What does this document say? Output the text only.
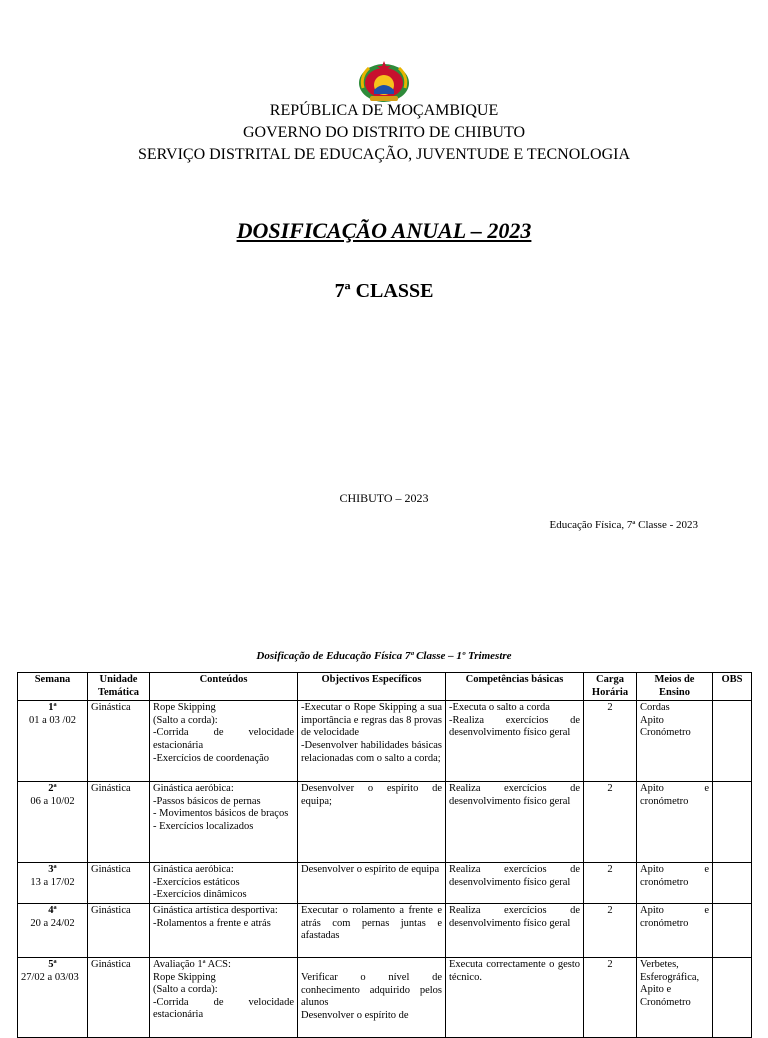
REPÚBLICA DE MOÇAMBIQUE
GOVERNO DO DISTRITO DE CHIBUTO
SERVIÇO DISTRITAL DE EDUCAÇÃO, JUVENTUDE E TECNOLOGIA
DOSIFICAÇÃO ANUAL – 2023
7ª CLASSE
CHIBUTO – 2023
Educação Física, 7ª Classe - 2023
Dosificação de Educação Física 7ª Classe – 1º Trimestre
Semana	Unidade Temática	Conteúdos	Objectivos Específicos	Competências básicas	Carga Horária	Meios de Ensino	OBS

1ª
01 a 03 /02	Ginástica	Rope Skipping
(Salto a corda):
-Corrida de velocidade estacionária
-Exercícios de coordenação	-Executar o Rope Skipping a sua importância e regras das 8 provas de velocidade
-Desenvolver habilidades básicas relacionadas com o salto a corda;	-Executa o salto a corda
-Realiza exercícios de desenvolvimento físico geral	2	Cordas
Apito
Cronómetro	

2ª
06 a 10/02	Ginástica	Ginástica aeróbica:
-Passos básicos de pernas
- Movimentos básicos de braços
- Exercícios localizados	Desenvolver o espírito de equipa;	Realiza exercícios de desenvolvimento físico geral	2	Apito e cronómetro	

3ª
13 a 17/02	Ginástica	Ginástica aeróbica:
-Exercícios estáticos
-Exercícios dinâmicos	Desenvolver o espírito de equipa	Realiza exercícios de desenvolvimento físico geral	2	Apito e cronómetro	

4ª
20 a 24/02	Ginástica	Ginástica artística desportiva:
-Rolamentos a frente e atrás	Executar o rolamento a frente e atrás com pernas juntas e afastadas	Realiza exercícios de desenvolvimento físico geral	2	Apito e cronómetro	

5ª
27/02 a 03/03	Ginástica	Avaliação 1ª ACS:
Rope Skipping
(Salto a corda):
-Corrida de velocidade estacionária	Verificar o nível de conhecimento adquirido pelos alunos
Desenvolver o espírito de	Executa correctamente o gesto técnico.	2	Verbetes,
Esferográfica,
Apito e
Cronómetro	
